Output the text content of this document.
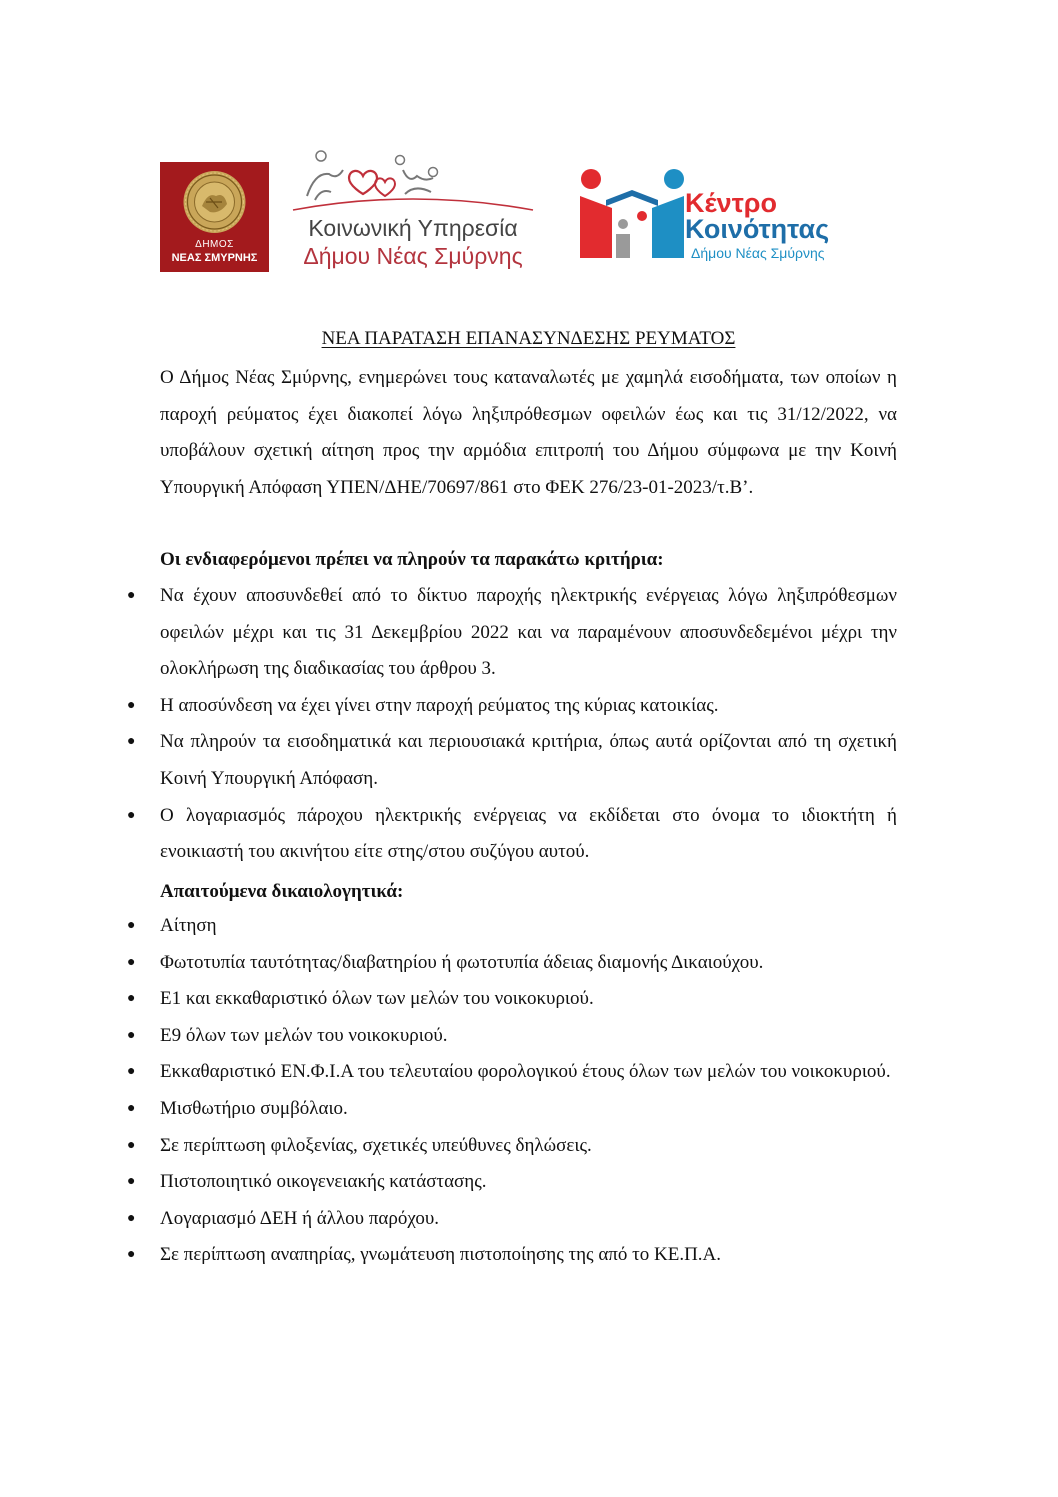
ΔΗΜΟΣ
ΝΕΑΣ ΣΜΥΡΝΗΣ
Κοινωνική Υπηρεσία
Δήμου Νέας Σμύρνης
Κέντρο
Κοινότητας
Δήμου Νέας Σμύρνης
ΝΕΑ ΠΑΡΑΤΑΣΗ ΕΠΑΝΑΣΥΝΔΕΣΗΣ ΡΕΥΜΑΤΟΣ

Ο Δήμος Νέας Σμύρνης, ενημερώνει τους καταναλωτές με χαμηλά εισοδήματα, των οποίων η παροχή ρεύματος έχει διακοπεί λόγω ληξιπρόθεσμων οφειλών έως και τις 31/12/2022, να υποβάλουν σχετική αίτηση προς την αρμόδια επιτροπή του Δήμου σύμφωνα με την Κοινή Υπουργική Απόφαση ΥΠΕΝ/ΔΗΕ/70697/861 στο ΦΕΚ 276/23-01-2023/τ.Β’.

Οι ενδιαφερόμενοι πρέπει να πληρούν τα παρακάτω κριτήρια:
● Να έχουν αποσυνδεθεί από το δίκτυο παροχής ηλεκτρικής ενέργειας λόγω ληξιπρόθεσμων οφειλών μέχρι και τις 31 Δεκεμβρίου 2022 και να παραμένουν αποσυνδεδεμένοι μέχρι την ολοκλήρωση της διαδικασίας του άρθρου 3.
● Η αποσύνδεση να έχει γίνει στην παροχή ρεύματος της κύριας κατοικίας.
● Να πληρούν τα εισοδηματικά και περιουσιακά κριτήρια, όπως αυτά ορίζονται από τη σχετική Κοινή Υπουργική Απόφαση.
● Ο λογαριασμός πάροχου ηλεκτρικής ενέργειας να εκδίδεται στο όνομα το ιδιοκτήτη ή ενοικιαστή του ακινήτου είτε στης/στου συζύγου αυτού.
Απαιτούμενα δικαιολογητικά:
● Αίτηση
● Φωτοτυπία ταυτότητας/διαβατηρίου ή φωτοτυπία άδειας διαμονής Δικαιούχου.
● Ε1 και εκκαθαριστικό όλων των μελών του νοικοκυριού.
● Ε9 όλων των μελών του νοικοκυριού.
● Εκκαθαριστικό ΕΝ.Φ.Ι.Α του τελευταίου φορολογικού έτους όλων των μελών του νοικοκυριού.
● Μισθωτήριο συμβόλαιο.
● Σε περίπτωση φιλοξενίας, σχετικές υπεύθυνες δηλώσεις.
● Πιστοποιητικό οικογενειακής κατάστασης.
● Λογαριασμό ΔΕΗ ή άλλου παρόχου.
● Σε περίπτωση αναπηρίας, γνωμάτευση πιστοποίησης της από το ΚΕ.Π.Α.
